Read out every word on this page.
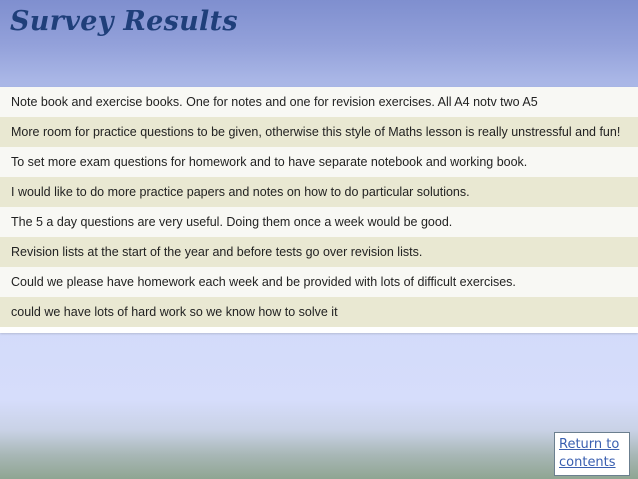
Survey Results
Note book and exercise books. One for notes and one for revision exercises. All A4 notv two A5
More room for practice questions to be given, otherwise this style of Maths lesson is really unstressful and fun!
To set more exam questions for homework and to have separate notebook and working book.
I would like to do more practice papers and notes on how to do particular solutions.
The 5 a day questions are very useful. Doing them once a week would be good.
Revision lists at the start of the year and before tests go over revision lists.
Could we please have homework each week and be provided with lots of difficult exercises.
could we have lots of hard work so we know how to solve it
Return to contents
